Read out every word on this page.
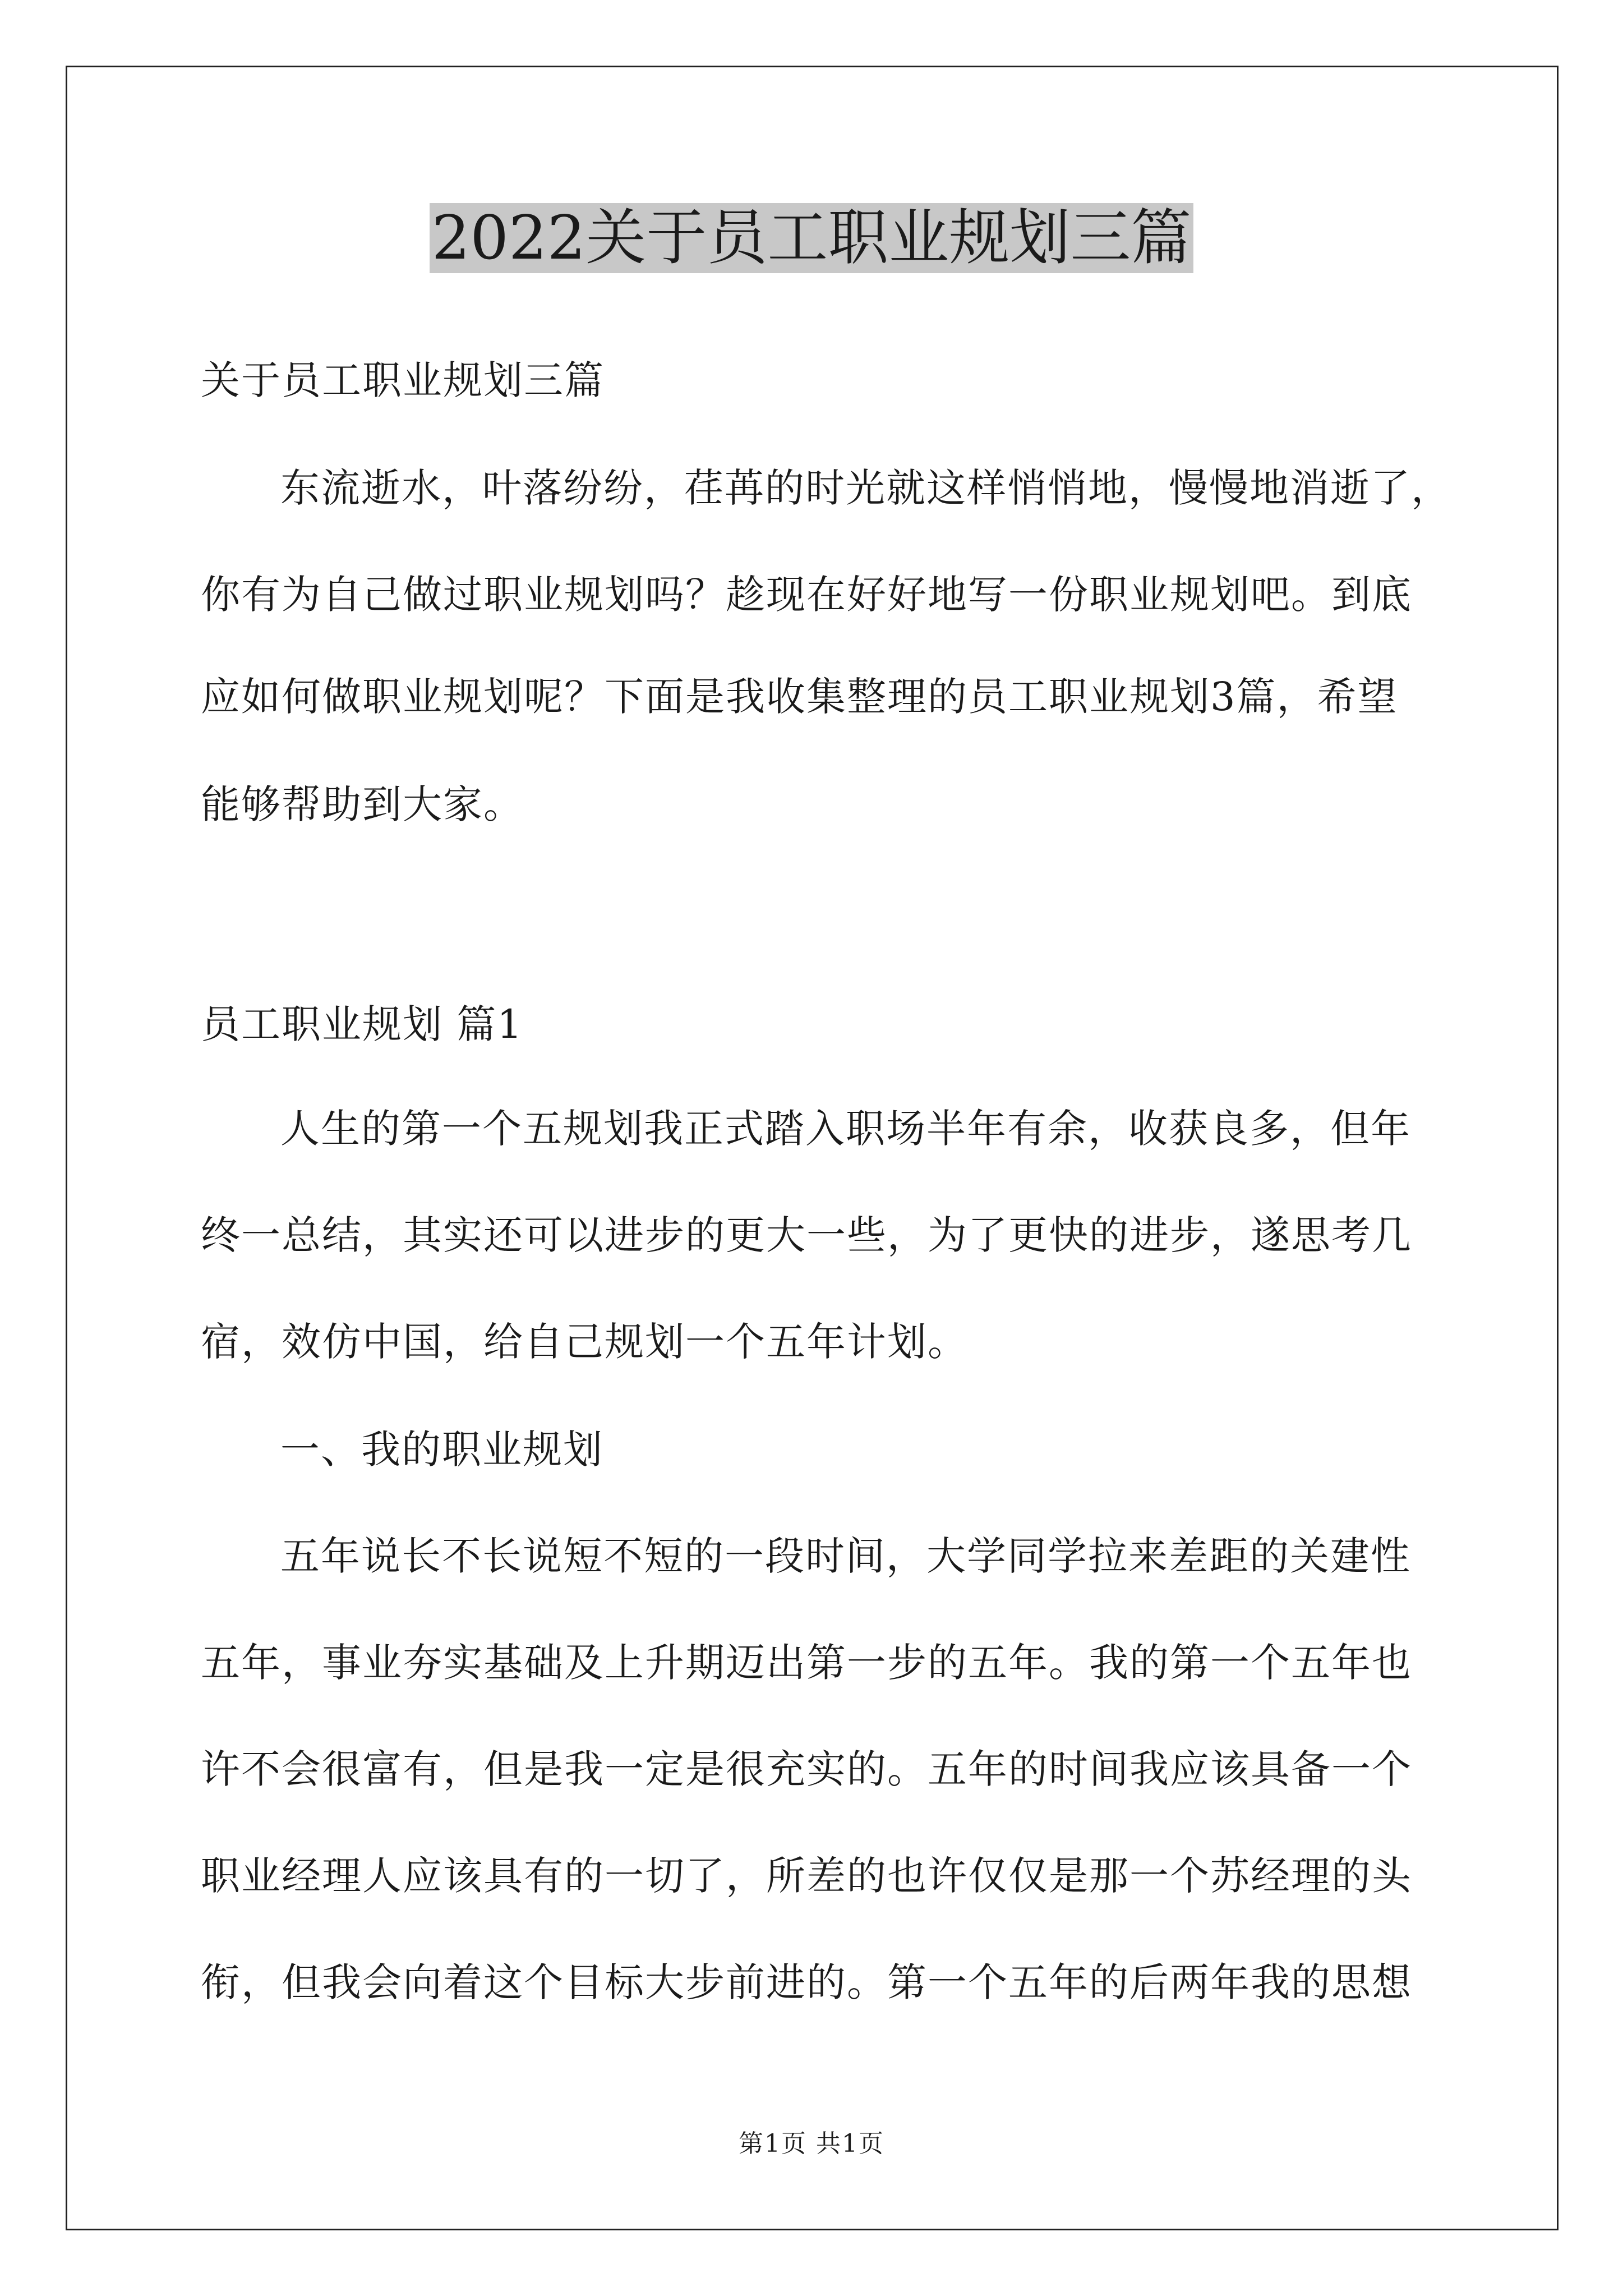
2022关于员工职业规划三篇
关于员工职业规划三篇
东流逝水，叶落纷纷，荏苒的时光就这样悄悄地，慢慢地消逝了，
你有为自己做过职业规划吗？趁现在好好地写一份职业规划吧。到底
应如何做职业规划呢？下面是我收集整理的员工职业规划3篇，希望
能够帮助到大家。
员工职业规划 篇1
人生的第一个五规划我正式踏入职场半年有余，收获良多，但年
终一总结，其实还可以进步的更大一些，为了更快的进步，遂思考几
宿，效仿中国，给自己规划一个五年计划。
一、我的职业规划
五年说长不长说短不短的一段时间，大学同学拉来差距的关建性
五年，事业夯实基础及上升期迈出第一步的五年。我的第一个五年也
许不会很富有，但是我一定是很充实的。五年的时间我应该具备一个
职业经理人应该具有的一切了，所差的也许仅仅是那一个苏经理的头
衔，但我会向着这个目标大步前进的。第一个五年的后两年我的思想
第1页 共1页
